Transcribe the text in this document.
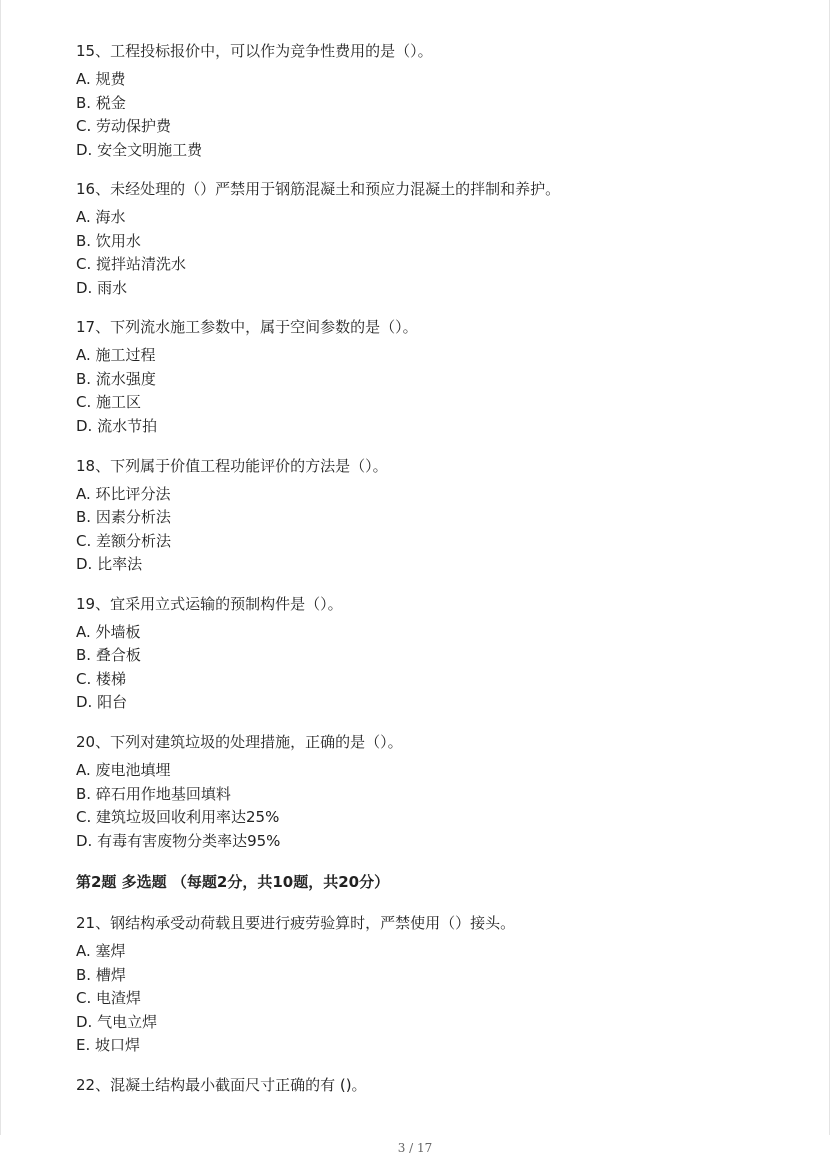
15、工程投标报价中，可以作为竞争性费用的是（）。
A. 规费
B. 税金
C. 劳动保护费
D. 安全文明施工费
16、未经处理的（）严禁用于钢筋混凝土和预应力混凝土的拌制和养护。
A. 海水
B. 饮用水
C. 搅拌站清洗水
D. 雨水
17、下列流水施工参数中，属于空间参数的是（）。
A. 施工过程
B. 流水强度
C. 施工区
D. 流水节拍
18、下列属于价值工程功能评价的方法是（）。
A. 环比评分法
B. 因素分析法
C. 差额分析法
D. 比率法
19、宜采用立式运输的预制构件是（）。
A. 外墙板
B. 叠合板
C. 楼梯
D. 阳台
20、下列对建筑垃圾的处理措施，正确的是（）。
A. 废电池填埋
B. 碎石用作地基回填料
C. 建筑垃圾回收利用率达25%
D. 有毒有害废物分类率达95%
第2题 多选题 （每题2分，共10题，共20分）
21、钢结构承受动荷载且要进行疲劳验算时，严禁使用（）接头。
A. 塞焊
B. 槽焊
C. 电渣焊
D. 气电立焊
E. 坡口焊
22、混凝土结构最小截面尺寸正确的有 ()。
3 / 17
